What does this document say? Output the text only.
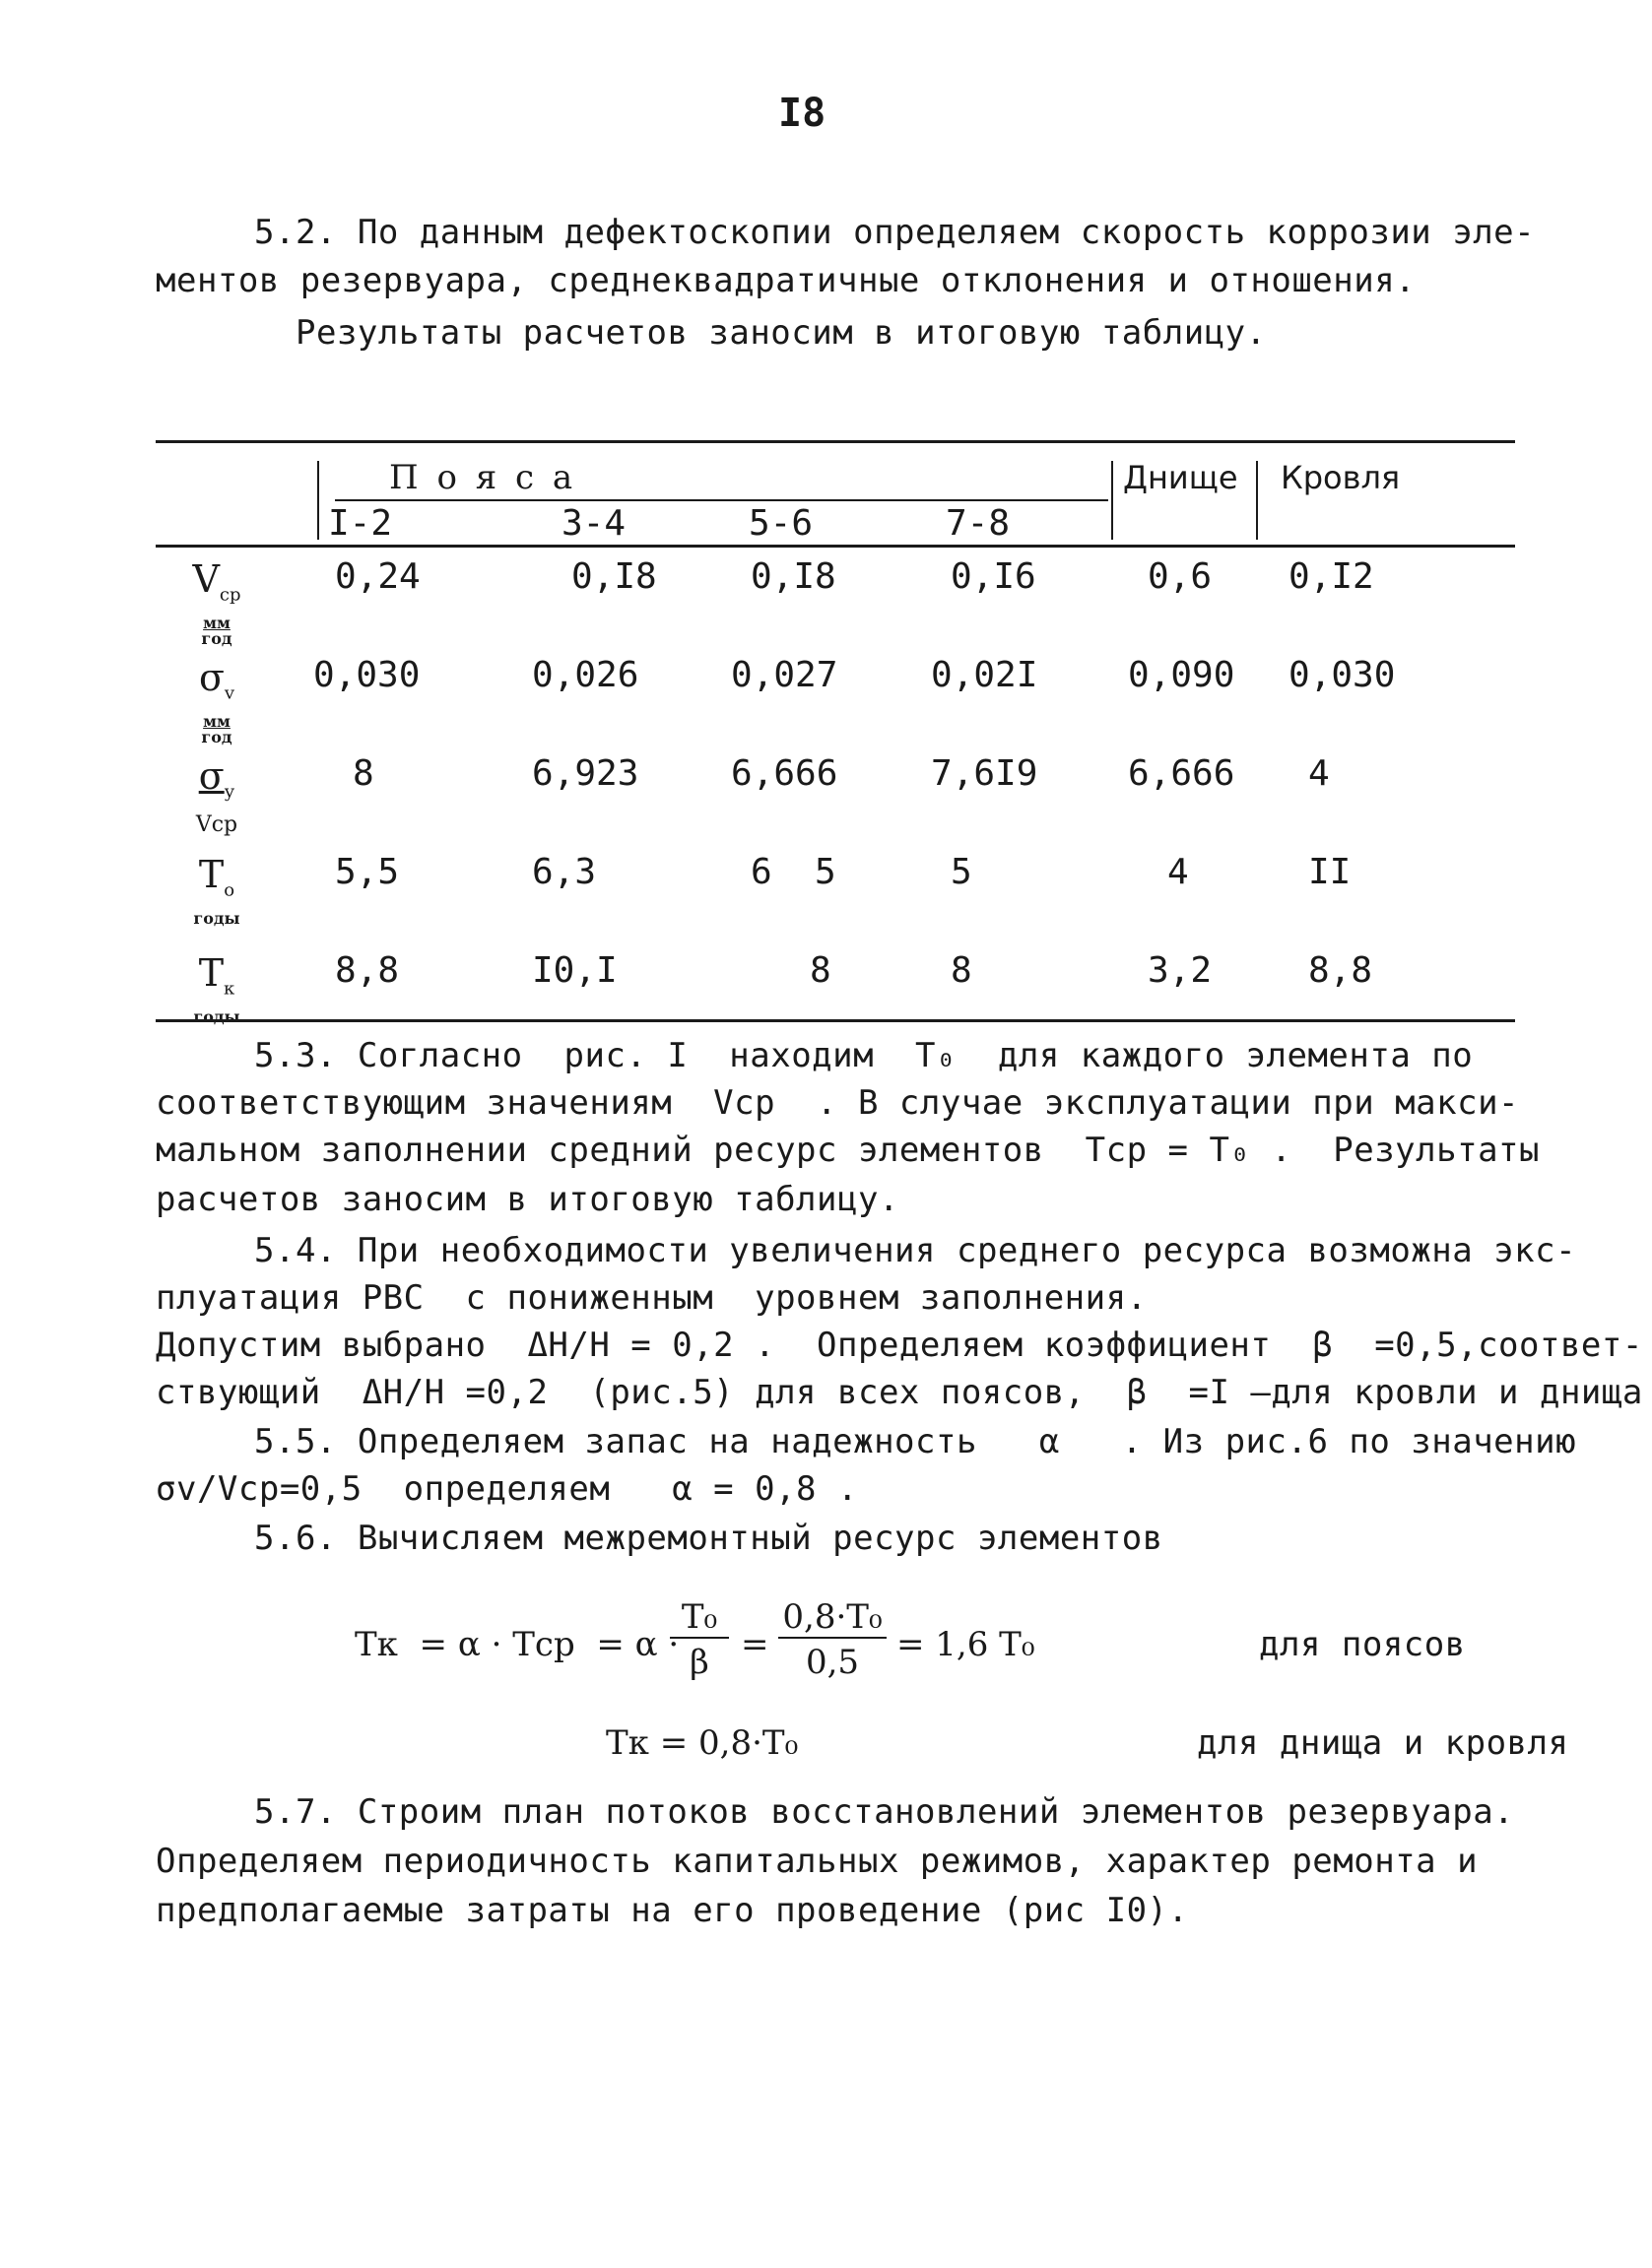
I8
5.2. По данным дефектоскопии определяем скорость коррозии эле-
ментов резервуара, среднеквадратичные отклонения и отношения.
Результаты расчетов заносим в итоговую таблицу.
П о я с а	Днище Кровля
I-2	3-4	5-6	7-8
$V_{ср}$
мм
год
0,24	0,I8	0,I8	0,I6	0,6 0,I2
$\sigma_v$
мм
год
0,030	0,026	0,027	0,02I	0,090 0,030
$\sigma_у$
Vср
8	6,923	6,666	7,6I9	6,666 4
$T_о$
годы
5,5	6,3	6  5	5	4	II
$T_к$
годы
8,8	I0,I	8	8	3,2	8,8
5.3. Согласно  рис. I  находим  T₀  для каждого элемента по
соответствующим значениям  Vср  . В случае эксплуатации при макси-
мальном заполнении средний ресурс элементов  Tср = T₀ .  Результаты
расчетов заносим в итоговую таблицу.
5.4. При необходимости увеличения среднего ресурса возможна экс-
плуатация РВС  с пониженным  уровнем заполнения.
Допустим выбрано  ΔH/H = 0,2 .  Определяем коэффициент  β  =0,5,соответ-
ствующий  ΔH/H =0,2  (рис.5) для всех поясов,  β  =I —для кровли и днища
5.5. Определяем запас на надежность   α   . Из рис.6 по значению
σv/Vср=0,5  определяем   α = 0,8 .
5.6. Вычисляем межремонтный ресурс элементов
Tк  = α · Tср  = α ·
T₀
β =
0,8·T₀
0,5	= 1,6 T₀	для поясов
Tк = 0,8·T₀	для днища и кровля
5.7. Строим план потоков восстановлений элементов резервуара.
Определяем периодичность капитальных режимов, характер ремонта и
предполагаемые затраты на его проведение (рис I0).
